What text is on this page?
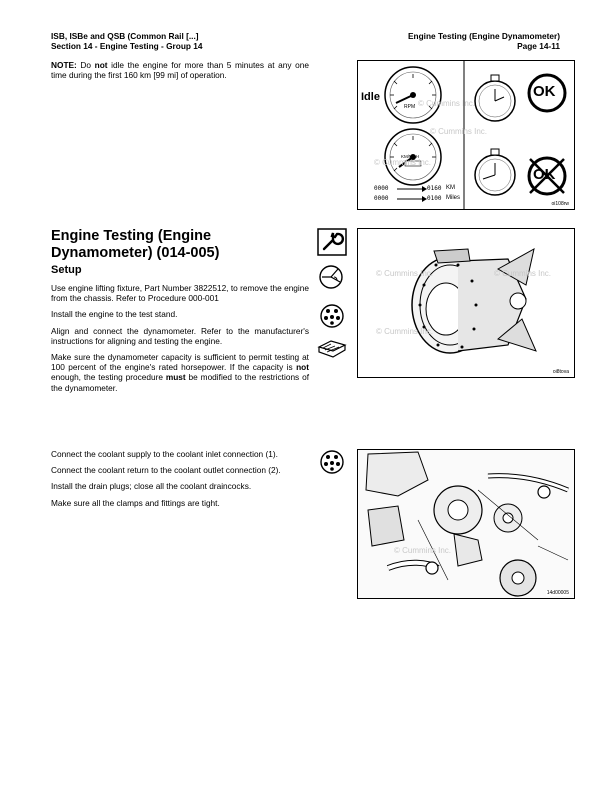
ISB, ISBe and QSB (Common Rail [...]
Section 14 - Engine Testing - Group 14
Engine Testing (Engine Dynamometer)
Page 14-11

NOTE: Do not idle the engine for more than 5 minutes at any one time during the first 160 km [99 mi] of operation.

Idle
RPM
KM/MPH
0000	0160 KM
0000	0100 Miles
OK
OK
© Cummins Inc.
© Cummins Inc.
© Cummins Inc.
oi108rw
Engine Testing (Engine Dynamometer) (014-005)
Setup

Use engine lifting fixture, Part Number 3822512, to remove the engine from the chassis. Refer to Procedure 000-001

Install the engine to the test stand.

Align and connect the dynamometer. Refer to the manufacturer's instructions for aligning and testing the engine.

Make sure the dynamometer capacity is sufficient to permit testing at 100 percent of the engine's rated horsepower. If the capacity is not enough, the testing procedure must be modified to the restrictions of the dynamometer.

© Cummins Inc.
© Cummins Inc.
© Cummins Inc.
oi8tova

Connect the coolant supply to the coolant inlet connection (1).

Connect the coolant return to the coolant outlet connection (2).

Install the drain plugs; close all the coolant draincocks.

Make sure all the clamps and fittings are tight.

© Cummins Inc.
14d00005
